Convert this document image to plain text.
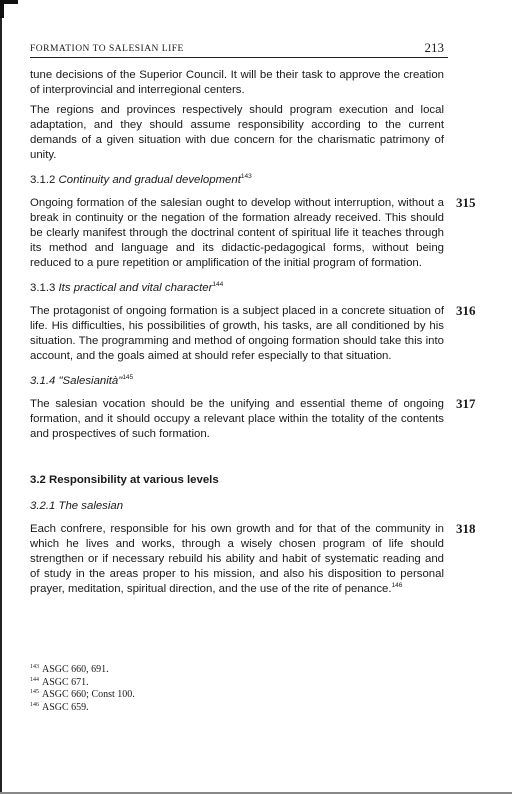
FORMATION TO SALESIAN LIFE	213

tune decisions of the Superior Council. It will be their task to approve the creation of interprovincial and interregional centers.

The regions and provinces respectively should program execution and local adaptation, and they should assume responsibility according to the current demands of a given situation with due concern for the charismatic patrimony of unity.

3.1.2 Continuity and gradual development$^{143}$
315

Ongoing formation of the salesian ought to develop without interruption, without a break in continuity or the negation of the formation already received. This should be clearly manifest through the doctrinal content of spiritual life it teaches through its method and language and its didactic-pedagogical forms, without being reduced to a pure repetition or amplification of the initial program of formation.

3.1.3 Its practical and vital character$^{144}$
316

The protagonist of ongoing formation is a subject placed in a concrete situation of life. His difficulties, his possibilities of growth, his tasks, are all conditioned by his situation. The programming and method of ongoing formation should take this into account, and the goals aimed at should refer especially to that situation.

3.1.4 "Salesianità"$^{145}$
317

The salesian vocation should be the unifying and essential theme of ongoing formation, and it should occupy a relevant place within the totality of the contents and prospectives of such formation.

3.2 Responsibility at various levels
3.2.1 The salesian
318

Each confrere, responsible for his own growth and for that of the community in which he lives and works, through a wisely chosen program of life should strengthen or if necessary rebuild his ability and habit of systematic reading and of study in the areas proper to his mission, and also his disposition to personal prayer, meditation, spiritual direction, and the use of the rite of penance.$^{146}$

$^{143}$ ASGC 660, 691.
$^{144}$ ASGC 671.
$^{145}$ ASGC 660; Const 100.
$^{146}$ ASGC 659.
